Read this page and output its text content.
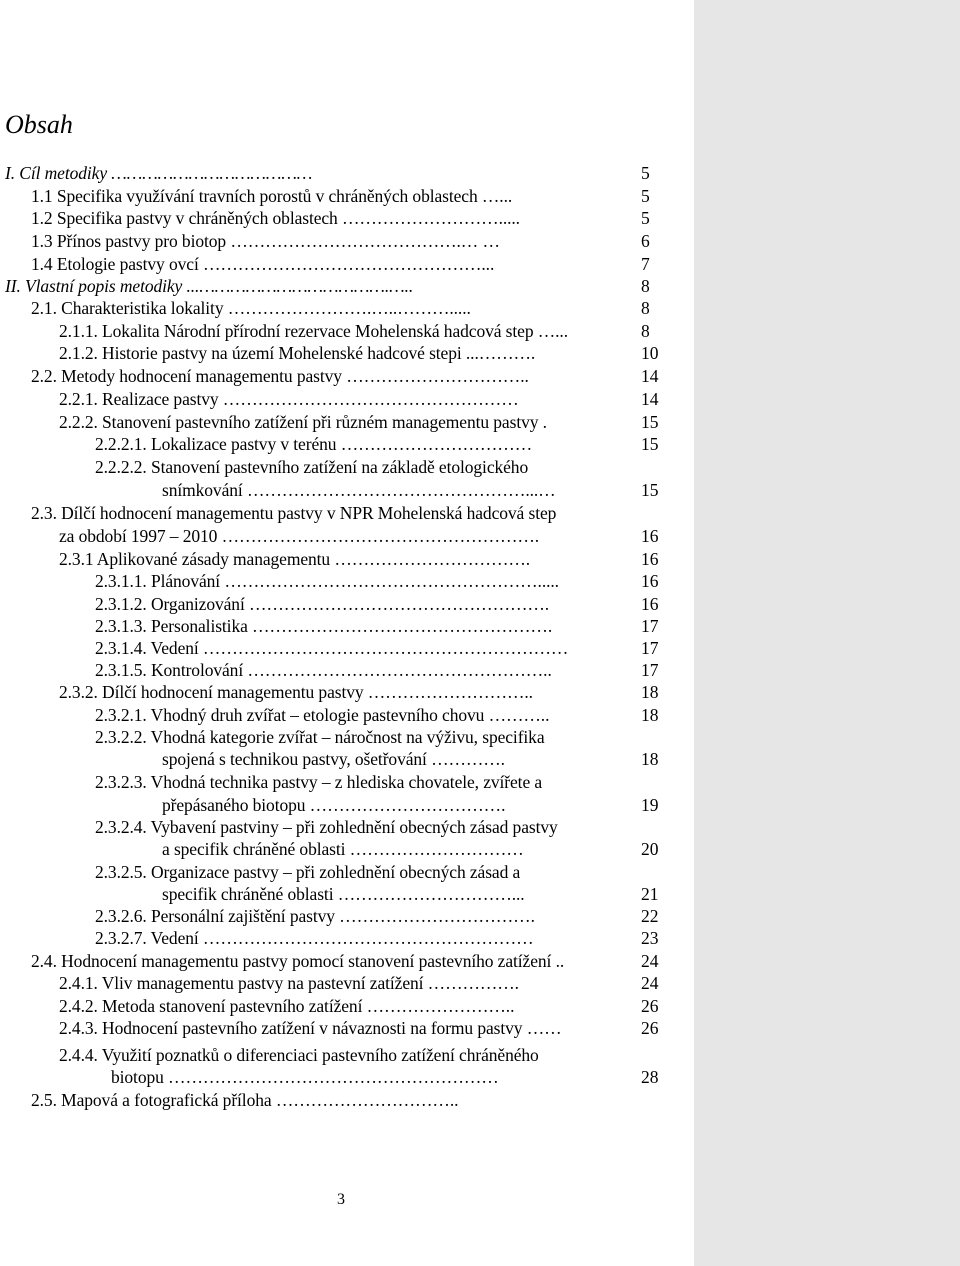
Obsah
I. Cíl metodiky …………………………………	5
1.1 Specifika využívání travních porostů v chráněných oblastech …...	5
1.2 Specifika pastvy v chráněných oblastech ……………………….....	5
1.3 Přínos pastvy pro biotop ………………………………….… …	6
1.4 Etologie pastvy ovcí …………………………………………...	7
II. Vlastní popis metodiky ...……………………………….…..	8
2.1. Charakteristika lokality …………………….…..……….....	8
2.1.1. Lokalita Národní přírodní rezervace Mohelenská hadcová step …...	8
2.1.2. Historie pastvy na území Mohelenské hadcové stepi ...……….	10
2.2. Metody hodnocení managementu pastvy …………………………..	14
2.2.1. Realizace pastvy ……………………………………………	14
2.2.2. Stanovení pastevního zatížení při různém managementu pastvy .	15
2.2.2.1. Lokalizace pastvy v terénu ……………………………	15
2.2.2.2. Stanovení pastevního zatížení na základě etologického
snímkování …………………………………………...…	15
2.3. Dílčí hodnocení managementu pastvy v NPR Mohelenská hadcová step
za období 1997 – 2010 ……………………………………………….	16
2.3.1 Aplikované zásady managementu …………………………….	16
2.3.1.1. Plánování ……………………………………………….....	16
2.3.1.2. Organizování …………………………………………….	16
2.3.1.3. Personalistika …………………………………………….	17
2.3.1.4. Vedení ………………………………………………………	17
2.3.1.5. Kontrolování ……………………………………………..	17
2.3.2. Dílčí hodnocení managementu pastvy ………………………..	18
2.3.2.1. Vhodný druh zvířat – etologie pastevního chovu ………..	18
2.3.2.2. Vhodná kategorie zvířat – náročnost na výživu, specifika
spojená s technikou pastvy, ošetřování ………….	18
2.3.2.3. Vhodná technika pastvy – z hlediska chovatele, zvířete a
přepásaného biotopu …………………………….	19
2.3.2.4. Vybavení pastviny – při zohlednění obecných zásad pastvy
a specifik chráněné oblasti …………………………	20
2.3.2.5. Organizace pastvy – při zohlednění obecných zásad a
specifik chráněné oblasti …………………………...	21
2.3.2.6. Personální zajištění pastvy …………………………….	22
2.3.2.7. Vedení …………………………………………………	23
2.4. Hodnocení managementu pastvy pomocí stanovení pastevního zatížení ..	24
2.4.1. Vliv managementu pastvy na pastevní zatížení …………….	24
2.4.2. Metoda stanovení pastevního zatížení ……………………..	26
2.4.3. Hodnocení pastevního zatížení v návaznosti na formu pastvy ……	26
2.4.4. Využití poznatků o diferenciaci pastevního zatížení chráněného
biotopu …………………………………………………	28
2.5. Mapová a fotografická příloha …………………………..
3
